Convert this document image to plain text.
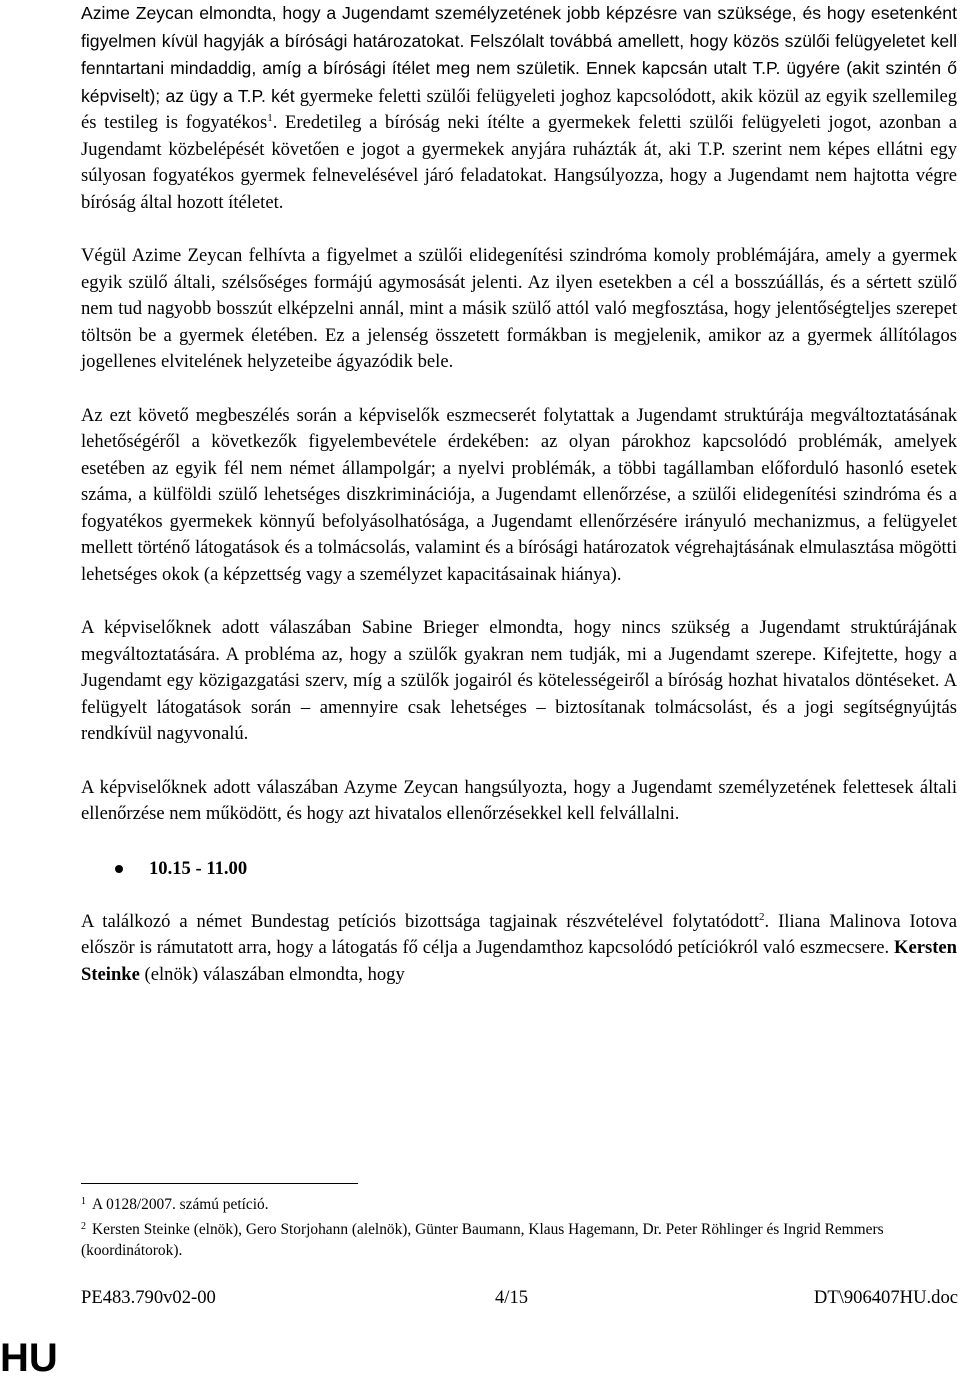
Azime Zeycan elmondta, hogy a Jugendamt személyzetének jobb képzésre van szüksége, és hogy esetenként figyelmen kívül hagyják a bírósági határozatokat. Felszólalt továbbá amellett, hogy közös szülői felügyeletet kell fenntartani mindaddig, amíg a bírósági ítélet meg nem születik. Ennek kapcsán utalt T.P. ügyére (akit szintén ő képviselt); az ügy a T.P. két gyermeke feletti szülői felügyeleti joghoz kapcsolódott, akik közül az egyik szellemileg és testileg is fogyatékos$^1$. Eredetileg a bíróság neki ítélte a gyermekek feletti szülői felügyeleti jogot, azonban a Jugendamt közbelépését követően e jogot a gyermekek anyjára ruházták át, aki T.P. szerint nem képes ellátni egy súlyosan fogyatékos gyermek felnevelésével járó feladatokat. Hangsúlyozza, hogy a Jugendamt nem hajtotta végre bíróság által hozott ítéletet.

Végül Azime Zeycan felhívta a figyelmet a szülői elidegenítési szindróma komoly problémájára, amely a gyermek egyik szülő általi, szélsőséges formájú agymosását jelenti. Az ilyen esetekben a cél a bosszúállás, és a sértett szülő nem tud nagyobb bosszút elképzelni annál, mint a másik szülő attól való megfosztása, hogy jelentőségteljes szerepet töltsön be a gyermek életében. Ez a jelenség összetett formákban is megjelenik, amikor az a gyermek állítólagos jogellenes elvitelének helyzeteibe ágyazódik bele.

Az ezt követő megbeszélés során a képviselők eszmecserét folytattak a Jugendamt struktúrája megváltoztatásának lehetőségéről a következők figyelembevétele érdekében: az olyan párokhoz kapcsolódó problémák, amelyek esetében az egyik fél nem német állampolgár; a nyelvi problémák, a többi tagállamban előforduló hasonló esetek száma, a külföldi szülő lehetséges diszkriminációja, a Jugendamt ellenőrzése, a szülői elidegenítési szindróma és a fogyatékos gyermekek könnyű befolyásolhatósága, a Jugendamt ellenőrzésére irányuló mechanizmus, a felügyelet mellett történő látogatások és a tolmácsolás, valamint és a bírósági határozatok végrehajtásának elmulasztása mögötti lehetséges okok (a képzettség vagy a személyzet kapacitásainak hiánya).

A képviselőknek adott válaszában Sabine Brieger elmondta, hogy nincs szükség a Jugendamt struktúrájának megváltoztatására. A probléma az, hogy a szülők gyakran nem tudják, mi a Jugendamt szerepe. Kifejtette, hogy a Jugendamt egy közigazgatási szerv, míg a szülők jogairól és kötelességeiről a bíróság hozhat hivatalos döntéseket. A felügyelt látogatások során – amennyire csak lehetséges – biztosítanak tolmácsolást, és a jogi segítségnyújtás rendkívül nagyvonalú.

A képviselőknek adott válaszában Azyme Zeycan hangsúlyozta, hogy a Jugendamt személyzetének felettesek általi ellenőrzése nem működött, és hogy azt hivatalos ellenőrzésekkel kell felvállalni.

10.15 - 11.00

A találkozó a német Bundestag petíciós bizottsága tagjainak részvételével folytatódott$^2$. Iliana Malinova Iotova először is rámutatott arra, hogy a látogatás fő célja a Jugendamthoz kapcsolódó petíciókról való eszmecsere. Kersten Steinke (elnök) válaszában elmondta, hogy

$^1$ A 0128/2007. számú petíció.
$^2$ Kersten Steinke (elnök), Gero Storjohann (alelnök), Günter Baumann, Klaus Hagemann, Dr. Peter Röhlinger és Ingrid Remmers (koordinátorok).
PE483.790v02-00	4/15	DT\906407HU.doc
HU
